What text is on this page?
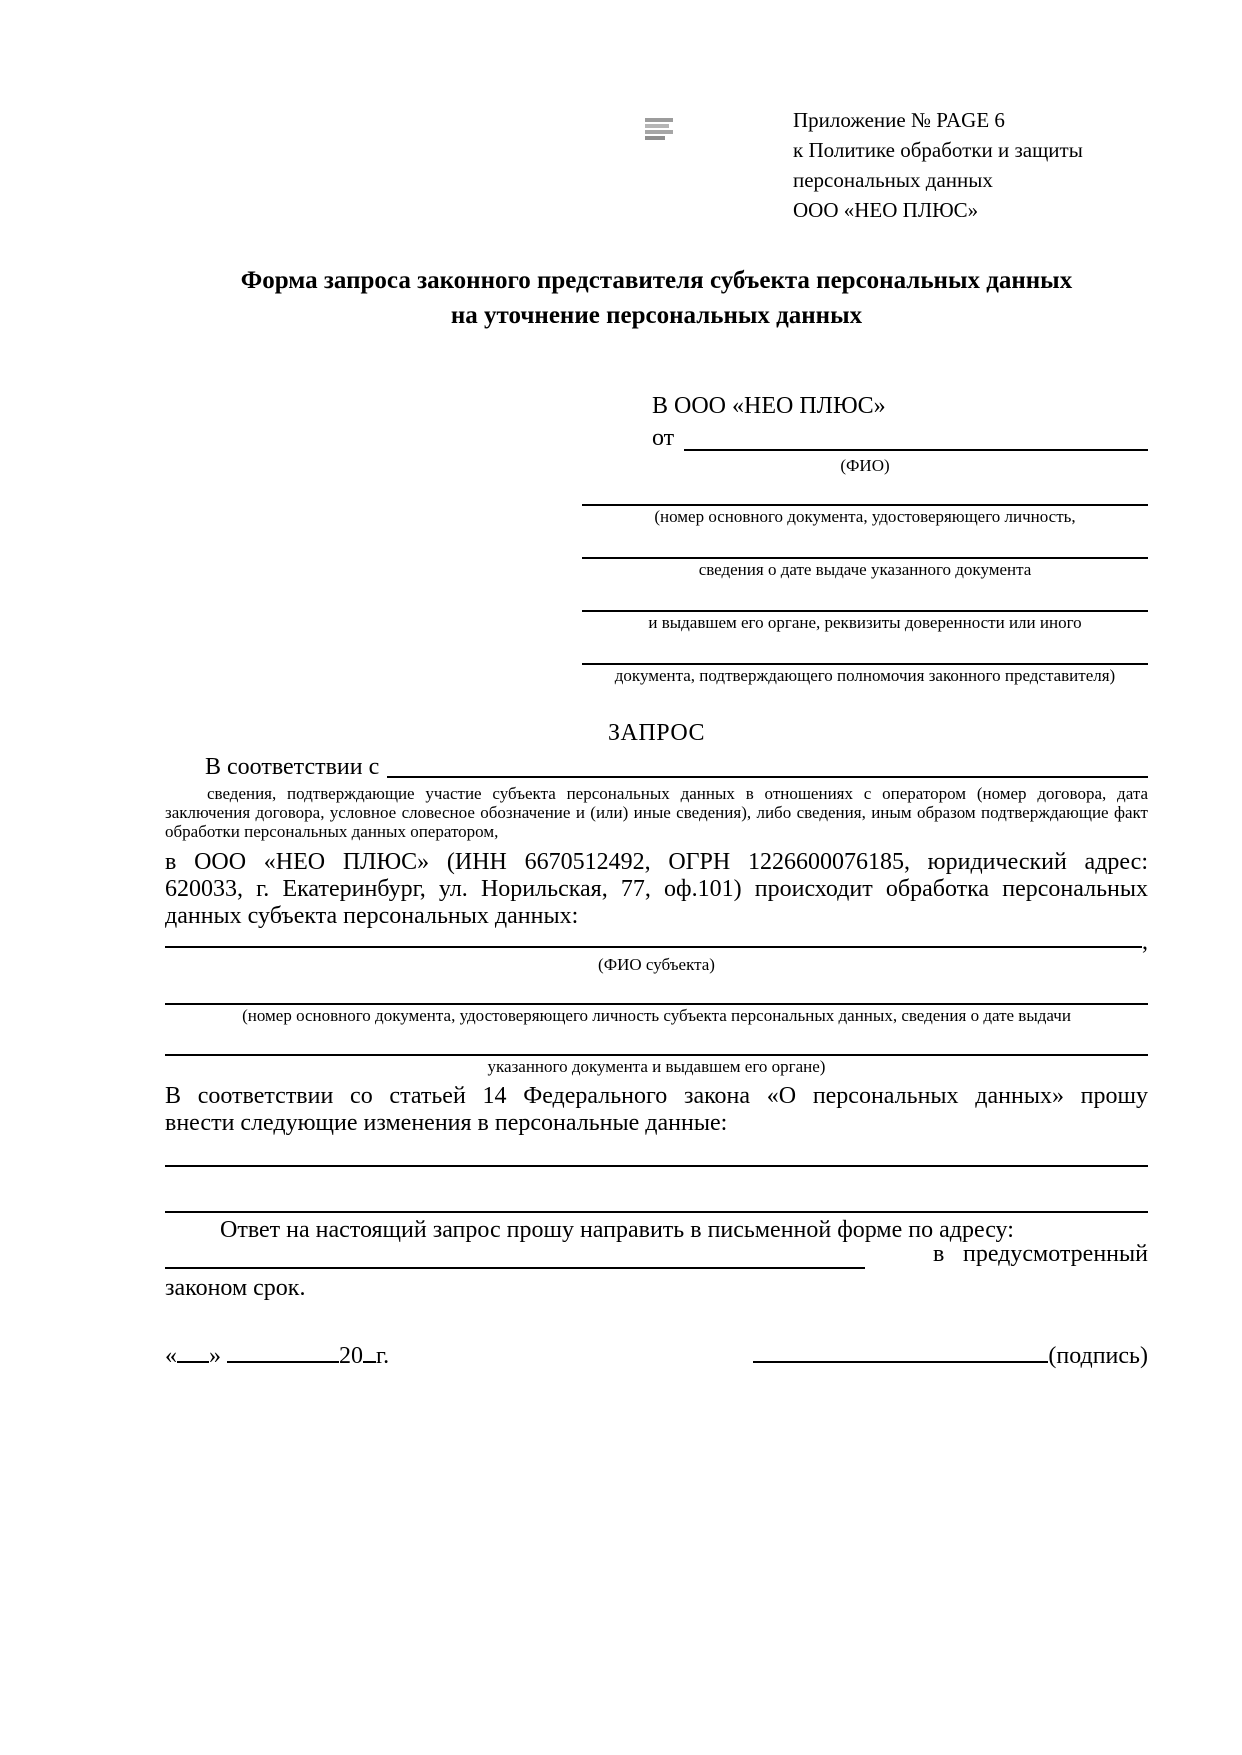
Приложение № PAGE 6
к Политике обработки и защиты
персональных данных
ООО «НЕО ПЛЮС»
Форма запроса законного представителя субъекта персональных данных
на уточнение персональных данных
В ООО «НЕО ПЛЮС»
от
(ФИО)
(номер основного документа, удостоверяющего личность,
сведения о дате выдаче указанного документа
и выдавшем его органе, реквизиты доверенности или иного
документа, подтверждающего полномочия законного представителя)
ЗАПРОС
В соответствии с
сведения, подтверждающие участие субъекта персональных данных в отношениях с оператором (номер договора, дата
заключения договора, условное словесное обозначение и (или) иные сведения), либо сведения, иным образом подтверждающие факт
обработки персональных данных оператором,
в ООО «НЕО ПЛЮС» (ИНН 6670512492, ОГРН 1226600076185, юридический адрес:
620033, г. Екатеринбург, ул. Норильская, 77, оф.101) происходит обработка персональных
данных субъекта персональных данных:
,
(ФИО субъекта)
(номер основного документа, удостоверяющего личность субъекта персональных данных, сведения о дате выдачи
указанного документа и выдавшем его органе)
В соответствии со статьей 14 Федерального закона «О персональных данных» прошу
внести следующие изменения в персональные данные:
Ответ на настоящий запрос прошу направить в письменной форме по адресу:
в предусмотренный
законом срок.
« »	20 г.	(подпись)
